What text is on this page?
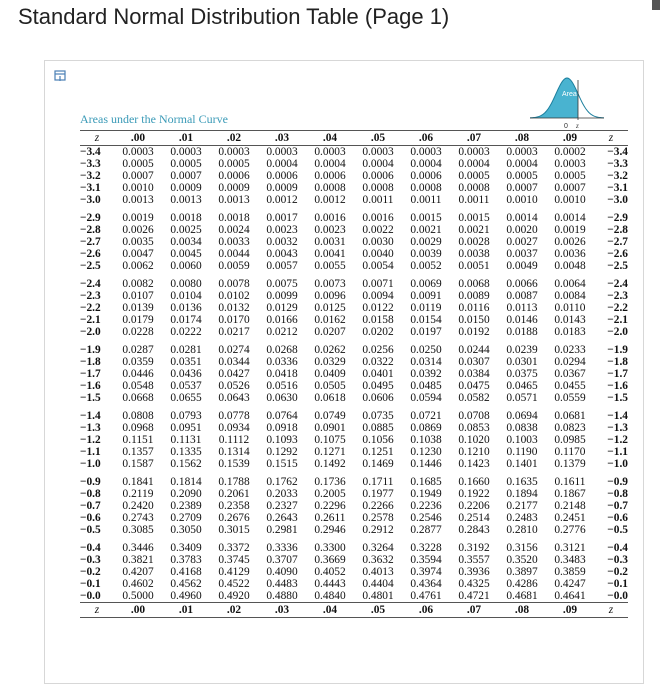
Standard Normal Distribution Table (Page 1)
Area
0 z
Areas under the Normal Curve
z	.00	.01	.02	.03	.04	.05	.06	.07	.08	.09	z
−3.4	0.0003	0.0003	0.0003	0.0003	0.0003	0.0003	0.0003	0.0003	0.0003	0.0002	−3.4
−3.3	0.0005	0.0005	0.0005	0.0004	0.0004	0.0004	0.0004	0.0004	0.0004	0.0003	−3.3
−3.2	0.0007	0.0007	0.0006	0.0006	0.0006	0.0006	0.0006	0.0005	0.0005	0.0005	−3.2
−3.1	0.0010	0.0009	0.0009	0.0009	0.0008	0.0008	0.0008	0.0008	0.0007	0.0007	−3.1
−3.0	0.0013	0.0013	0.0013	0.0012	0.0012	0.0011	0.0011	0.0011	0.0010	0.0010	−3.0

−2.9	0.0019	0.0018	0.0018	0.0017	0.0016	0.0016	0.0015	0.0015	0.0014	0.0014	−2.9
−2.8	0.0026	0.0025	0.0024	0.0023	0.0023	0.0022	0.0021	0.0021	0.0020	0.0019	−2.8
−2.7	0.0035	0.0034	0.0033	0.0032	0.0031	0.0030	0.0029	0.0028	0.0027	0.0026	−2.7
−2.6	0.0047	0.0045	0.0044	0.0043	0.0041	0.0040	0.0039	0.0038	0.0037	0.0036	−2.6
−2.5	0.0062	0.0060	0.0059	0.0057	0.0055	0.0054	0.0052	0.0051	0.0049	0.0048	−2.5

−2.4	0.0082	0.0080	0.0078	0.0075	0.0073	0.0071	0.0069	0.0068	0.0066	0.0064	−2.4
−2.3	0.0107	0.0104	0.0102	0.0099	0.0096	0.0094	0.0091	0.0089	0.0087	0.0084	−2.3
−2.2	0.0139	0.0136	0.0132	0.0129	0.0125	0.0122	0.0119	0.0116	0.0113	0.0110	−2.2
−2.1	0.0179	0.0174	0.0170	0.0166	0.0162	0.0158	0.0154	0.0150	0.0146	0.0143	−2.1
−2.0	0.0228	0.0222	0.0217	0.0212	0.0207	0.0202	0.0197	0.0192	0.0188	0.0183	−2.0

−1.9	0.0287	0.0281	0.0274	0.0268	0.0262	0.0256	0.0250	0.0244	0.0239	0.0233	−1.9
−1.8	0.0359	0.0351	0.0344	0.0336	0.0329	0.0322	0.0314	0.0307	0.0301	0.0294	−1.8
−1.7	0.0446	0.0436	0.0427	0.0418	0.0409	0.0401	0.0392	0.0384	0.0375	0.0367	−1.7
−1.6	0.0548	0.0537	0.0526	0.0516	0.0505	0.0495	0.0485	0.0475	0.0465	0.0455	−1.6
−1.5	0.0668	0.0655	0.0643	0.0630	0.0618	0.0606	0.0594	0.0582	0.0571	0.0559	−1.5

−1.4	0.0808	0.0793	0.0778	0.0764	0.0749	0.0735	0.0721	0.0708	0.0694	0.0681	−1.4
−1.3	0.0968	0.0951	0.0934	0.0918	0.0901	0.0885	0.0869	0.0853	0.0838	0.0823	−1.3
−1.2	0.1151	0.1131	0.1112	0.1093	0.1075	0.1056	0.1038	0.1020	0.1003	0.0985	−1.2
−1.1	0.1357	0.1335	0.1314	0.1292	0.1271	0.1251	0.1230	0.1210	0.1190	0.1170	−1.1
−1.0	0.1587	0.1562	0.1539	0.1515	0.1492	0.1469	0.1446	0.1423	0.1401	0.1379	−1.0

−0.9	0.1841	0.1814	0.1788	0.1762	0.1736	0.1711	0.1685	0.1660	0.1635	0.1611	−0.9
−0.8	0.2119	0.2090	0.2061	0.2033	0.2005	0.1977	0.1949	0.1922	0.1894	0.1867	−0.8
−0.7	0.2420	0.2389	0.2358	0.2327	0.2296	0.2266	0.2236	0.2206	0.2177	0.2148	−0.7
−0.6	0.2743	0.2709	0.2676	0.2643	0.2611	0.2578	0.2546	0.2514	0.2483	0.2451	−0.6
−0.5	0.3085	0.3050	0.3015	0.2981	0.2946	0.2912	0.2877	0.2843	0.2810	0.2776	−0.5

−0.4	0.3446	0.3409	0.3372	0.3336	0.3300	0.3264	0.3228	0.3192	0.3156	0.3121	−0.4
−0.3	0.3821	0.3783	0.3745	0.3707	0.3669	0.3632	0.3594	0.3557	0.3520	0.3483	−0.3
−0.2	0.4207	0.4168	0.4129	0.4090	0.4052	0.4013	0.3974	0.3936	0.3897	0.3859	−0.2
−0.1	0.4602	0.4562	0.4522	0.4483	0.4443	0.4404	0.4364	0.4325	0.4286	0.4247	−0.1
−0.0	0.5000	0.4960	0.4920	0.4880	0.4840	0.4801	0.4761	0.4721	0.4681	0.4641	−0.0
z	.00	.01	.02	.03	.04	.05	.06	.07	.08	.09	z
